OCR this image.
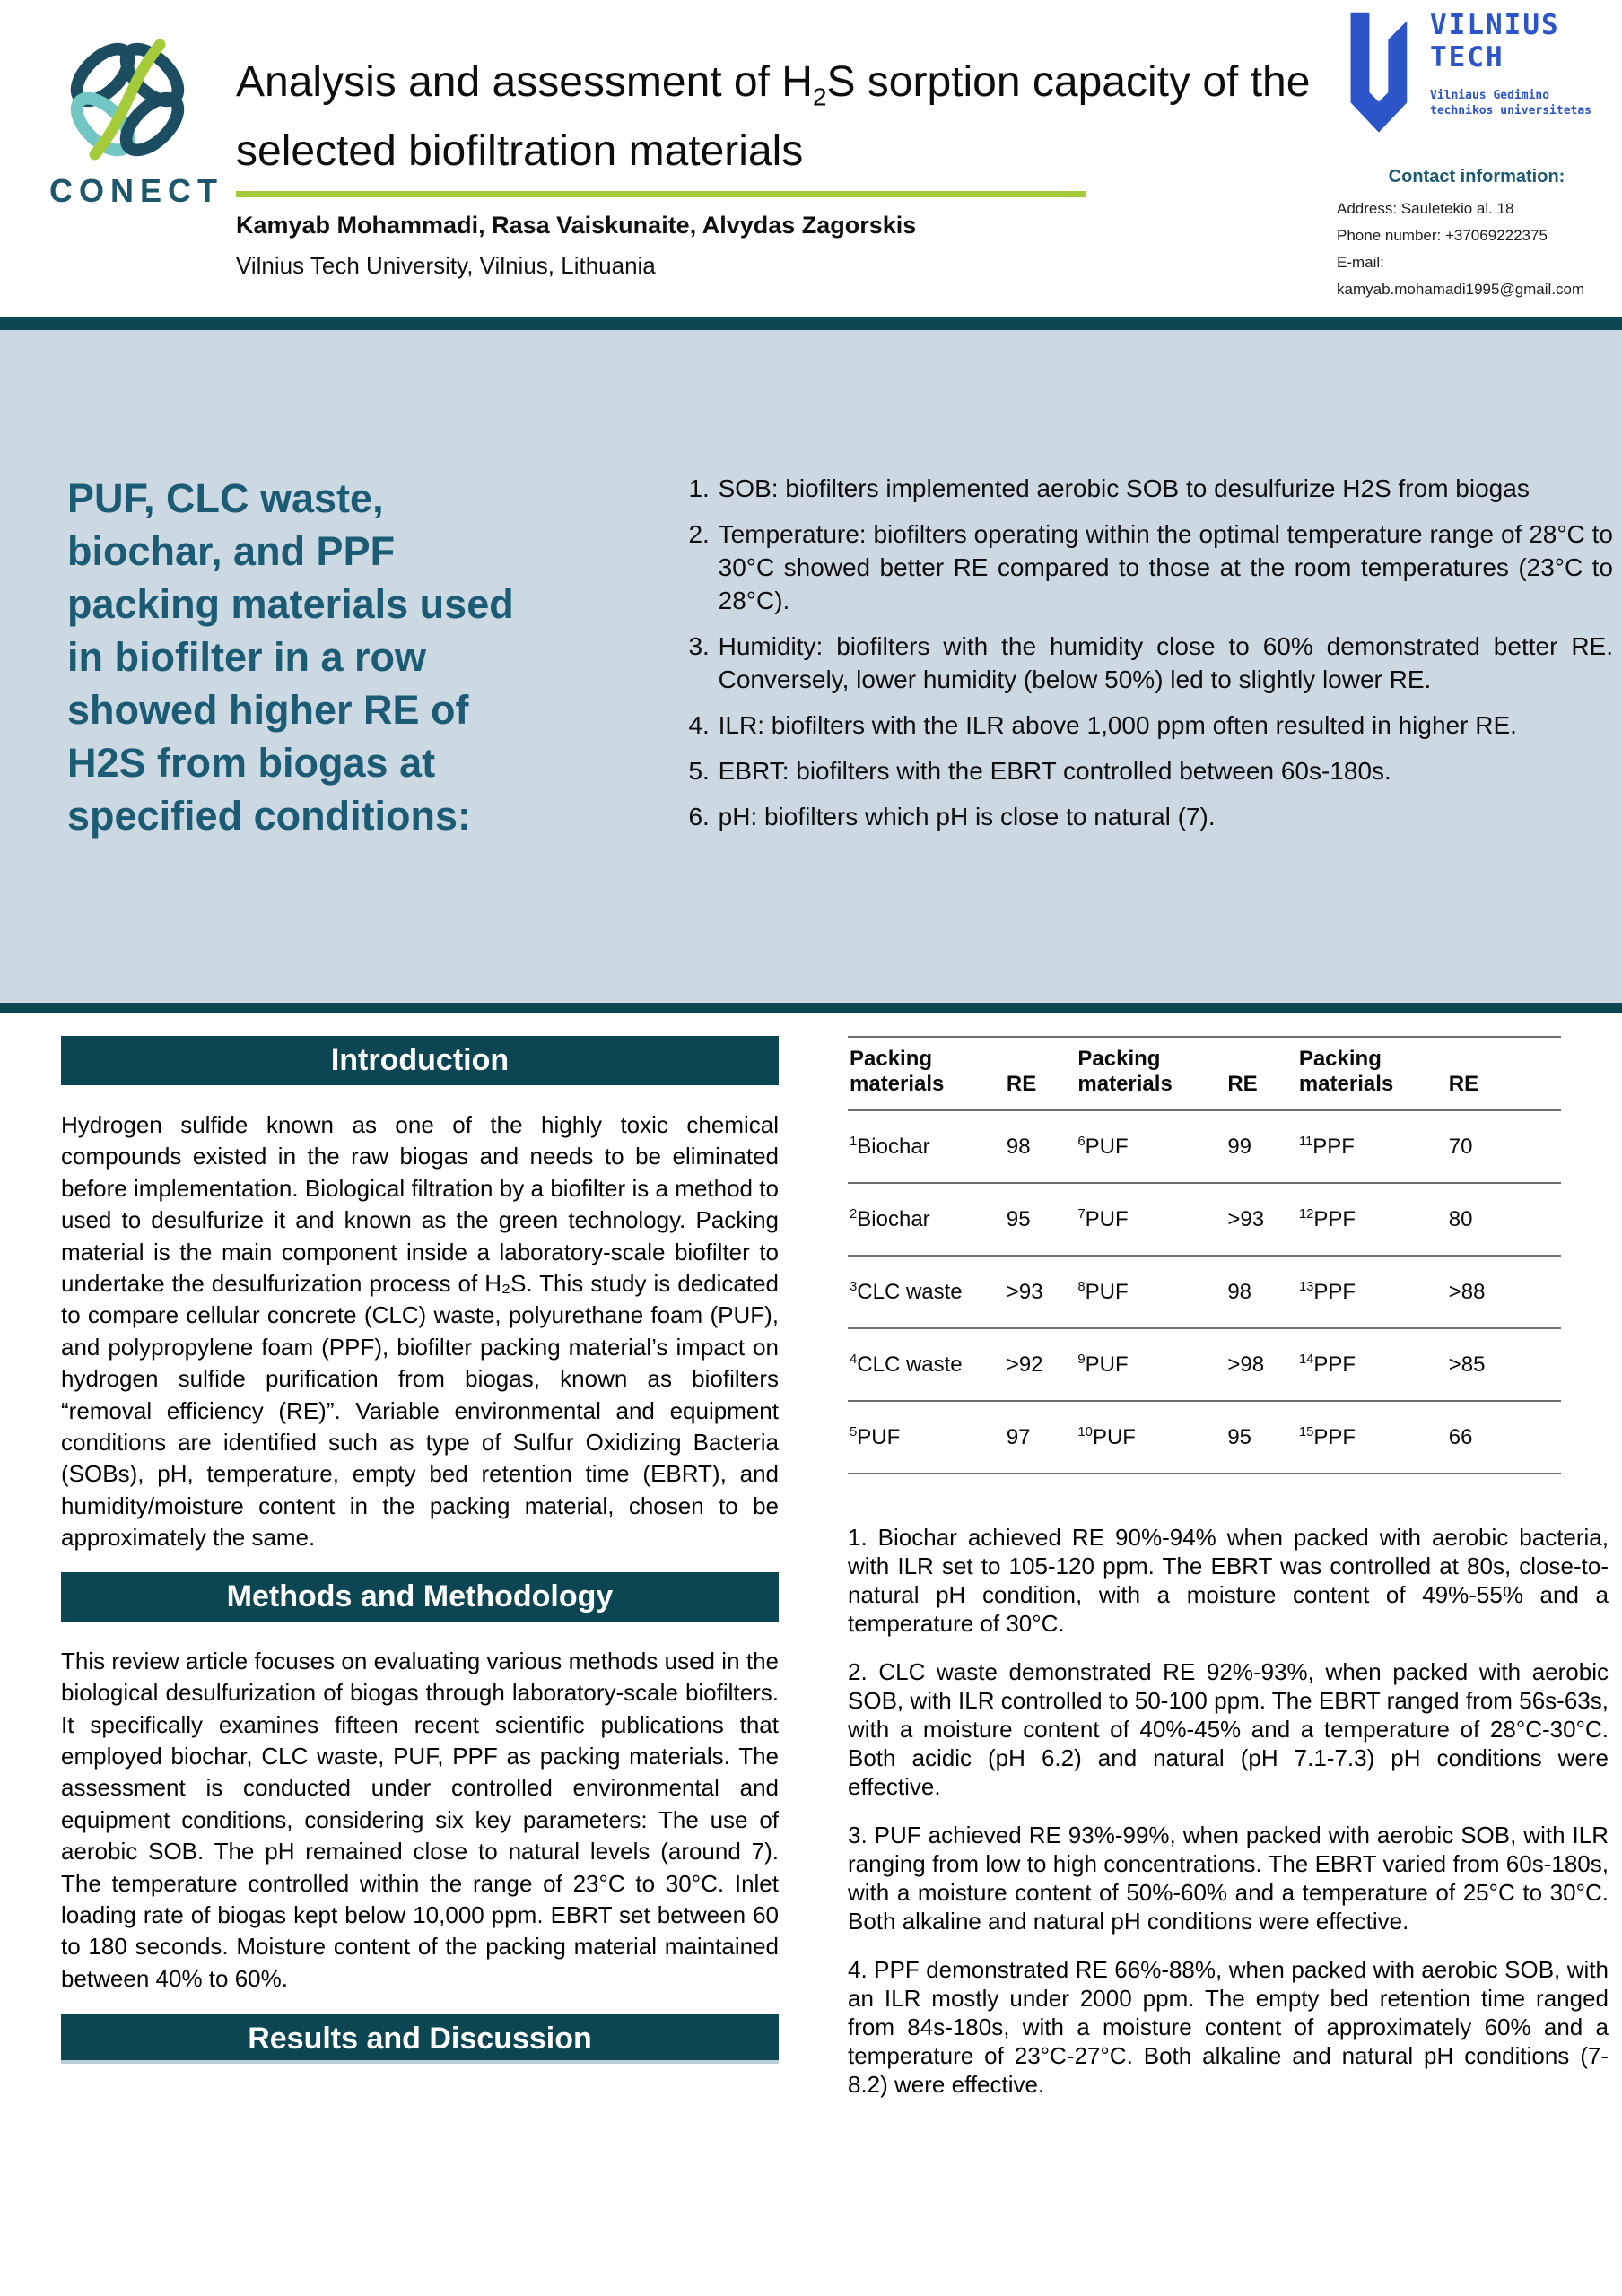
CONECT
Analysis and assessment of $H_2S$ sorption capacity of the selected biofiltration materials
Kamyab Mohammadi, Rasa Vaiskunaite, Alvydas Zagorskis
Vilnius Tech University, Vilnius, Lithuania
VILNIUS
TECH
Vilniaus Gedimino
technikos universitetas
Contact information:
Address: Sauletekio al. 18
Phone number: +37069222375
E-mail:
kamyab.mohamadi1995@gmail.com
PUF, CLC waste,
biochar, and PPF
packing materials used
in biofilter in a row
showed higher RE of
H2S from biogas at
specified conditions:
1. SOB: biofilters implemented aerobic SOB to desulfurize H2S from biogas
2. Temperature: biofilters operating within the optimal temperature range of 28°C to 30°C showed better RE compared to those at the room temperatures (23°C to 28°C).
3. Humidity: biofilters with the humidity close to 60% demonstrated better RE. Conversely, lower humidity (below 50%) led to slightly lower RE.
4. ILR: biofilters with the ILR above 1,000 ppm often resulted in higher RE.
5. EBRT: biofilters with the EBRT controlled between 60s-180s.
6. pH: biofilters which pH is close to natural (7).
Introduction

Hydrogen sulfide known as one of the highly toxic chemical compounds existed in the raw biogas and needs to be eliminated before implementation. Biological filtration by a biofilter is a method to used to desulfurize it and known as the green technology. Packing material is the main component inside a laboratory-scale biofilter to undertake the desulfurization process of H₂S. This study is dedicated to compare cellular concrete (CLC) waste, polyurethane foam (PUF), and polypropylene foam (PPF), biofilter packing material’s impact on hydrogen sulfide purification from biogas, known as biofilters “removal efficiency (RE)”. Variable environmental and equipment conditions are identified such as type of Sulfur Oxidizing Bacteria (SOBs), pH, temperature, empty bed retention time (EBRT), and humidity/moisture content in the packing material, chosen to be approximately the same.

Methods and Methodology

This review article focuses on evaluating various methods used in the biological desulfurization of biogas through laboratory-scale biofilters. It specifically examines fifteen recent scientific publications that employed biochar, CLC waste, PUF, PPF as packing materials. The assessment is conducted under controlled environmental and equipment conditions, considering six key parameters: The use of aerobic SOB. The pH remained close to natural levels (around 7). The temperature controlled within the range of 23°C to 30°C. Inlet loading rate of biogas kept below 10,000 ppm. EBRT set between 60 to 180 seconds. Moisture content of the packing material maintained between 40% to 60%.

Results and Discussion
Packing materials	RE	Packing materials	RE	Packing materials	RE
$^1$Biochar	98	$^6$PUF	99	$^{11}$PPF	70
$^2$Biochar	95	$^7$PUF	>93	$^{12}$PPF	80
$^3$CLC waste	>93	$^8$PUF	98	$^{13}$PPF	>88
$^4$CLC waste	>92	$^9$PUF	>98	$^{14}$PPF	>85
$^5$PUF	97	$^{10}$PUF	95	$^{15}$PPF	66

1. Biochar achieved RE 90%-94% when packed with aerobic bacteria, with ILR set to 105-120 ppm. The EBRT was controlled at 80s, close-to-natural pH condition, with a moisture content of 49%-55% and a temperature of 30°C.

2. CLC waste demonstrated RE 92%-93%, when packed with aerobic SOB, with ILR controlled to 50-100 ppm. The EBRT ranged from 56s-63s, with a moisture content of 40%-45% and a temperature of 28°C-30°C. Both acidic (pH 6.2) and natural (pH 7.1-7.3) pH conditions were effective.

3. PUF achieved RE 93%-99%, when packed with aerobic SOB, with ILR ranging from low to high concentrations. The EBRT varied from 60s-180s, with a moisture content of 50%-60% and a temperature of 25°C to 30°C. Both alkaline and natural pH conditions were effective.

4. PPF demonstrated RE 66%-88%, when packed with aerobic SOB, with an ILR mostly under 2000 ppm. The empty bed retention time ranged from 84s-180s, with a moisture content of approximately 60% and a temperature of 23°C-27°C. Both alkaline and natural pH conditions (7-8.2) were effective.
